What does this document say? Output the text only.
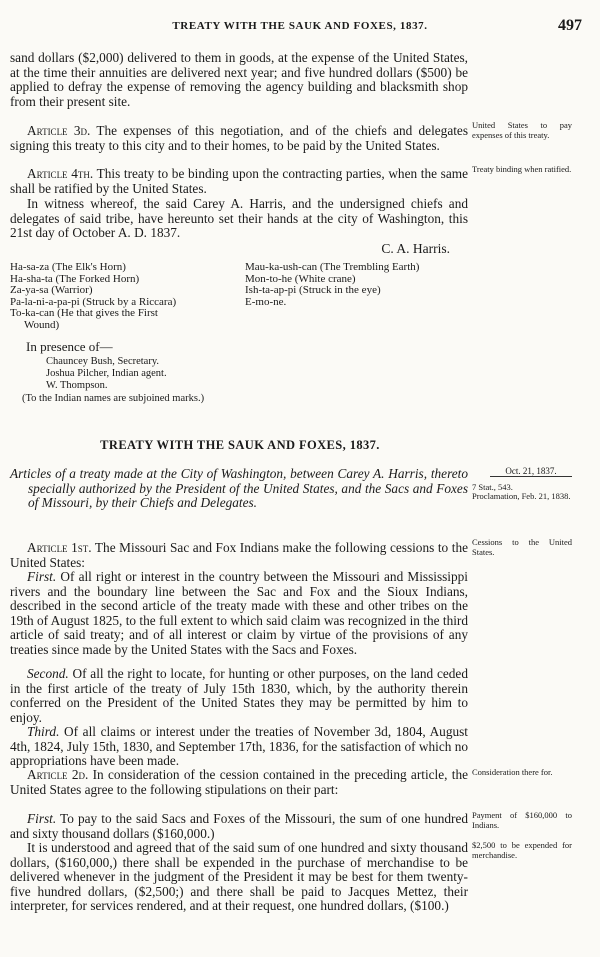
TREATY WITH THE SAUK AND FOXES, 1837.	497
sand dollars ($2,000) delivered to them in goods, at the expense of the United States, at the time their annuities are delivered next year; and five hundred dollars ($500) be applied to defray the expense of removing the agency building and blacksmith shop from their present site.
Article 3d. The expenses of this negotiation, and of the chiefs and delegates signing this treaty to this city and to their homes, to be paid by the United States.
United States to pay expenses of this treaty.
Article 4th. This treaty to be binding upon the contracting parties, when the same shall be ratified by the United States.
Treaty binding when ratified.
In witness whereof, the said Carey A. Harris, and the undersigned chiefs and delegates of said tribe, have hereunto set their hands at the city of Washington, this 21st day of October A. D. 1837.
C. A. Harris.
Ha-sa-za (The Elk's Horn)
Ha-sha-ta (The Forked Horn)
Za-ya-sa (Warrior)
Pa-la-ni-a-pa-pi (Struck by a Riccara)
To-ka-can (He that gives the First
Wound)
Mau-ka-ush-can (The Trembling Earth)
Mon-to-he (White crane)
Ish-ta-ap-pi (Struck in the eye)
E-mo-ne.
In presence of—
Chauncey Bush, Secretary.
Joshua Pilcher, Indian agent.
W. Thompson.
(To the Indian names are subjoined marks.)
TREATY WITH THE SAUK AND FOXES, 1837.
Oct. 21, 1837.
7 Stat., 543.
Proclamation, Feb. 21, 1838.
Articles of a treaty made at the City of Washington, between Carey A. Harris, thereto specially authorized by the President of the United States, and the Sacs and Foxes of Missouri, by their Chiefs and Delegates.
Article 1st. The Missouri Sac and Fox Indians make the following cessions to the United States:
Cessions to the United States.
First. Of all right or interest in the country between the Missouri and Mississippi rivers and the boundary line between the Sac and Fox and the Sioux Indians, described in the second article of the treaty made with these and other tribes on the 19th of August 1825, to the full extent to which said claim was recognized in the third article of said treaty; and of all interest or claim by virtue of the provisions of any treaties since made by the United States with the Sacs and Foxes.
Second. Of all the right to locate, for hunting or other purposes, on the land ceded in the first article of the treaty of July 15th 1830, which, by the authority therein conferred on the President of the United States they may be permitted by him to enjoy.
Third. Of all claims or interest under the treaties of November 3d, 1804, August 4th, 1824, July 15th, 1830, and September 17th, 1836, for the satisfaction of which no appropriations have been made.
Article 2d. In consideration of the cession contained in the preceding article, the United States agree to the following stipulations on their part:
Consideration there for.
First. To pay to the said Sacs and Foxes of the Missouri, the sum of one hundred and sixty thousand dollars ($160,000.)
Payment of $160,000 to Indians.
It is understood and agreed that of the said sum of one hundred and sixty thousand dollars, ($160,000,) there shall be expended in the purchase of merchandise to be delivered whenever in the judgment of the President it may be best for them twenty-five hundred dollars, ($2,500;) and there shall be paid to Jacques Mettez, their interpreter, for services rendered, and at their request, one hundred dollars, ($100.)
$2,500 to be expended for merchandise.
